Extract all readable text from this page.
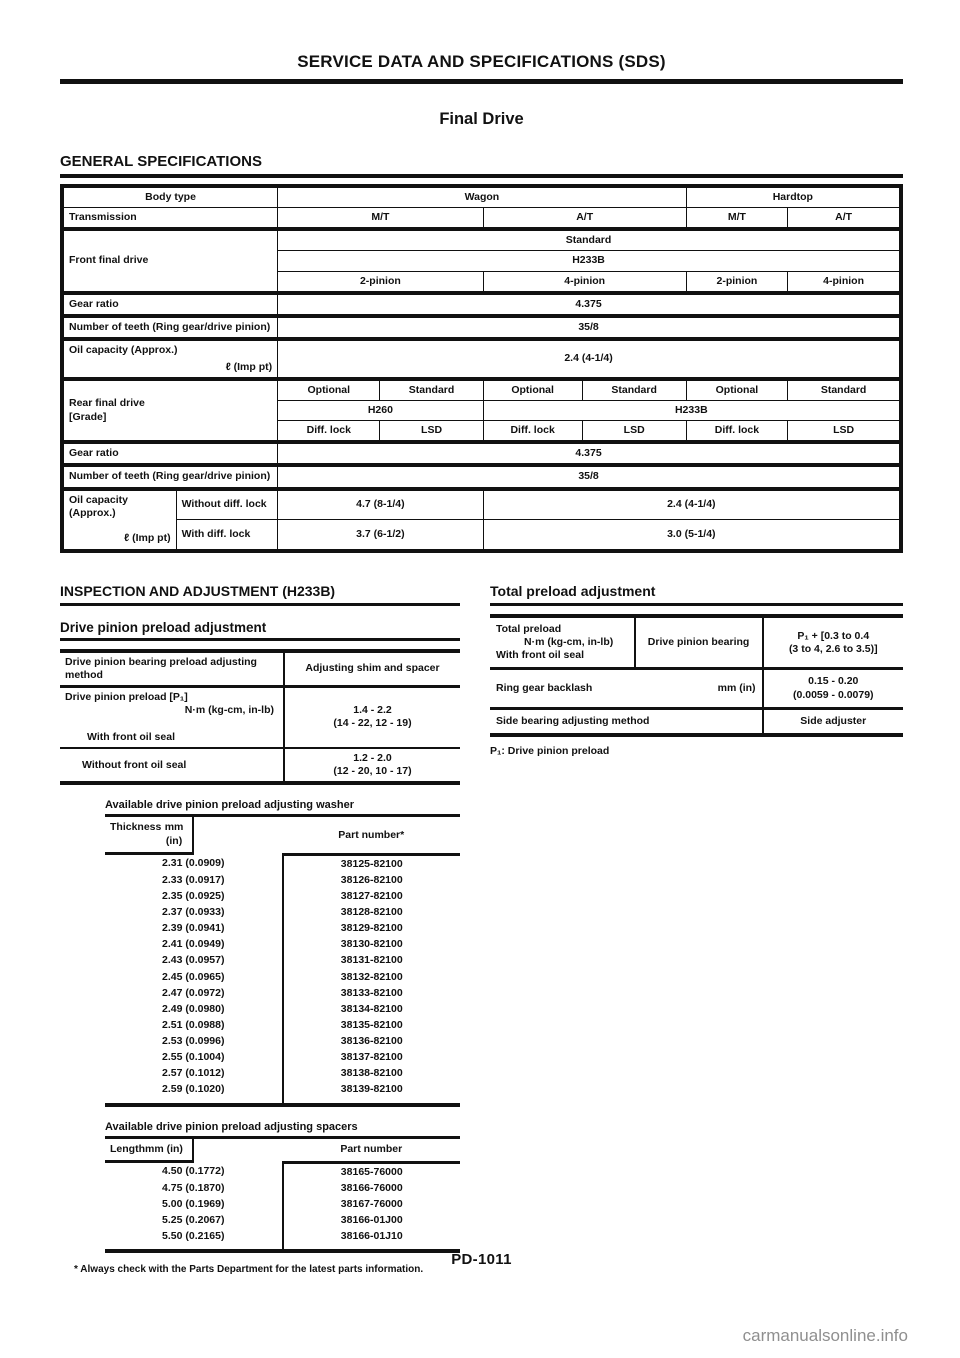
SERVICE DATA AND SPECIFICATIONS (SDS)
Final Drive
GENERAL SPECIFICATIONS
Body type		Wagon				Hardtop	
Transmission		M/T		A/T		M/T	A/T
Front final drive		Standard					
		H233B					
		2-pinion		4-pinion		2-pinion	4-pinion
Gear ratio		4.375					
Number of teeth (Ring gear/drive pinion)		35/8					

Oil capacity (Approx.)
ℓ (Imp pt)		2.4 (4-1/4)					
Rear final drive
[Grade]		Optional	Standard	Optional	Standard	Optional	Standard
		H260		H233B			
		Diff. lock	LSD	Diff. lock	LSD	Diff. lock	LSD
Gear ratio		4.375					
Number of teeth (Ring gear/drive pinion)		35/8					

Oil capacity (Approx.)
ℓ (Imp pt)	Without diff. lock	4.7 (8-1/4)		2.4 (4-1/4)			
	With diff. lock	3.7 (6-1/2)		3.0 (5-1/4)			
INSPECTION AND ADJUSTMENT (H233B)
Drive pinion preload adjustment
Drive pinion bearing preload adjusting method	Adjusting shim and spacer
Drive pinion preload [P₁]
N·m (kg-cm, in-lb)
With front oil seal	1.4 - 2.2
(14 - 22, 12 - 19)
Without front oil seal	1.2 - 2.0
(12 - 20, 10 - 17)
Available drive pinion preload adjusting washer
Thickness mm (in)	Part number*
2.31 (0.0909)	38125-82100
2.33 (0.0917)	38126-82100
2.35 (0.0925)	38127-82100
2.37 (0.0933)	38128-82100
2.39 (0.0941)	38129-82100
2.41 (0.0949)	38130-82100
2.43 (0.0957)	38131-82100
2.45 (0.0965)	38132-82100
2.47 (0.0972)	38133-82100
2.49 (0.0980)	38134-82100
2.51 (0.0988)	38135-82100
2.53 (0.0996)	38136-82100
2.55 (0.1004)	38137-82100
2.57 (0.1012)	38138-82100
2.59 (0.1020)	38139-82100
Available drive pinion preload adjusting spacers
Length mm (in)	Part number
4.50 (0.1772)	38165-76000
4.75 (0.1870)	38166-76000
5.00 (0.1969)	38167-76000
5.25 (0.2067)	38166-01J00
5.50 (0.2165)	38166-01J10
* Always check with the Parts Department for the latest parts information.
Total preload adjustment
Total preload
N·m (kg-cm, in-lb)
With front oil seal	Drive pinion bearing	P₁ + [0.3 to 0.4
(3 to 4, 2.6 to 3.5)]

Ring gear backlash mm (in)		0.15 - 0.20
(0.0059 - 0.0079)
Side bearing adjusting method		Side adjuster
P₁: Drive pinion preload
PD-1011
carmanualsonline.info
